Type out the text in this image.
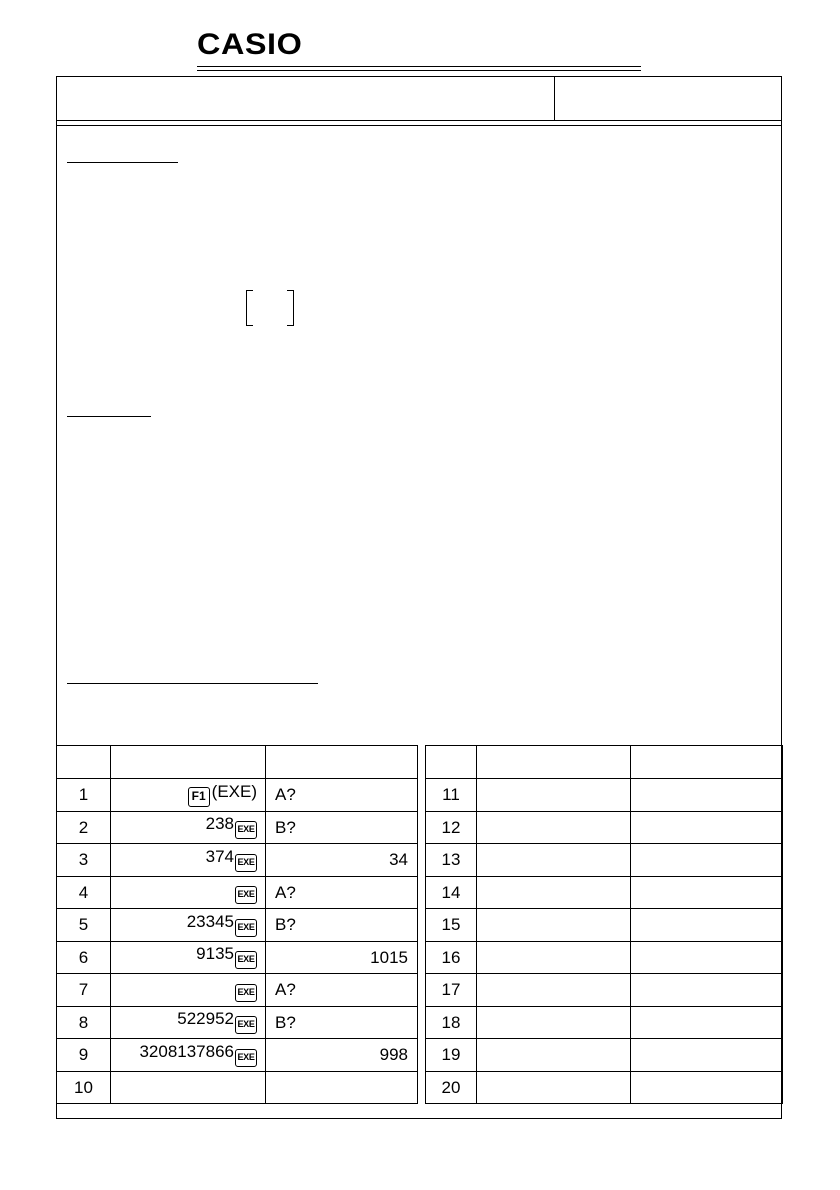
CASIO

1	F1 (EXE)	A?		11		
2	238 EXE	B?		12		
3	374 EXE	34		13		
4	EXE	A?		14		
5	23345 EXE	B?		15		
6	9135 EXE	1015		16		
7	EXE	A?		17		
8	522952 EXE	B?		18		
9	3208137866 EXE	998		19		
10				20		
